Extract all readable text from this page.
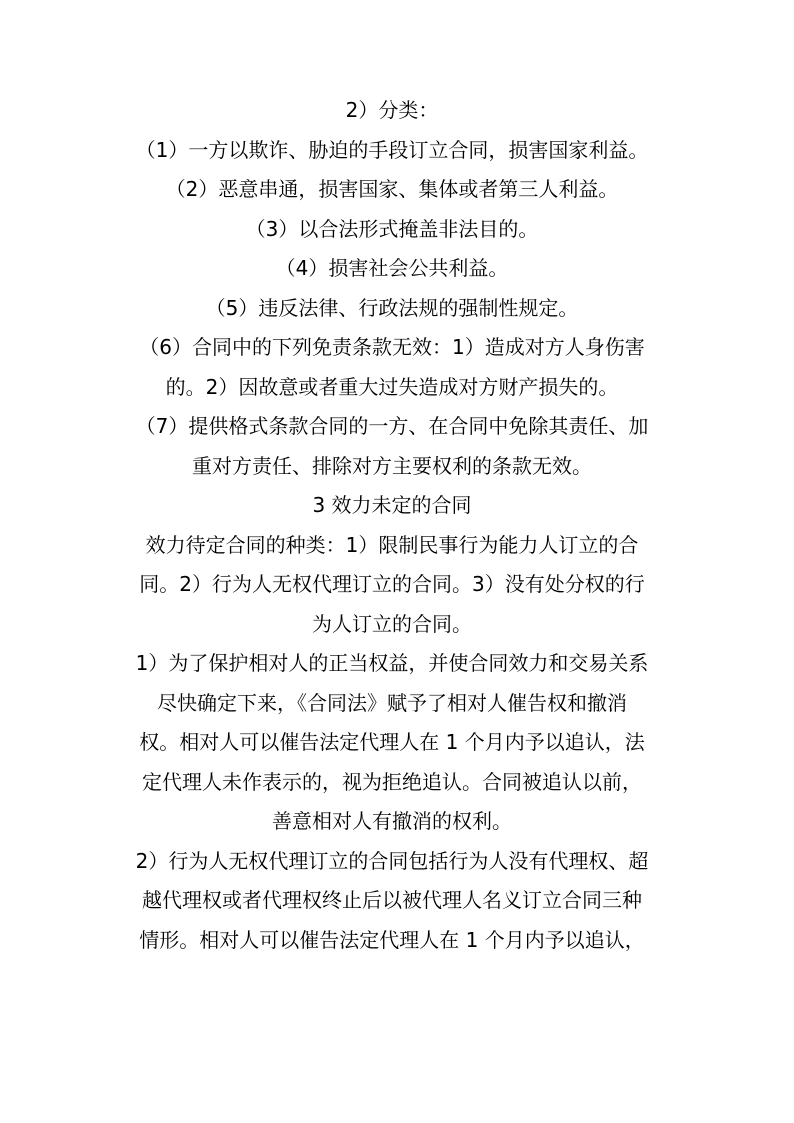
2）分类：
（1）一方以欺诈、胁迫的手段订立合同，损害国家利益。
（2）恶意串通，损害国家、集体或者第三人利益。
（3）以合法形式掩盖非法目的。
（4）损害社会公共利益。
（5）违反法律、行政法规的强制性规定。
（6）合同中的下列免责条款无效：1）造成对方人身伤害
的。2）因故意或者重大过失造成对方财产损失的。
（7）提供格式条款合同的一方、在合同中免除其责任、加
重对方责任、排除对方主要权利的条款无效。
3 效力未定的合同
效力待定合同的种类：1）限制民事行为能力人订立的合
同。2）行为人无权代理订立的合同。3）没有处分权的行
为人订立的合同。
1）为了保护相对人的正当权益，并使合同效力和交易关系
尽快确定下来，《合同法》赋予了相对人催告权和撤消
权。相对人可以催告法定代理人在 1 个月内予以追认，法
定代理人未作表示的，视为拒绝追认。合同被追认以前，
善意相对人有撤消的权利。
2）行为人无权代理订立的合同包括行为人没有代理权、超
越代理权或者代理权终止后以被代理人名义订立合同三种
情形。相对人可以催告法定代理人在 1 个月内予以追认，
